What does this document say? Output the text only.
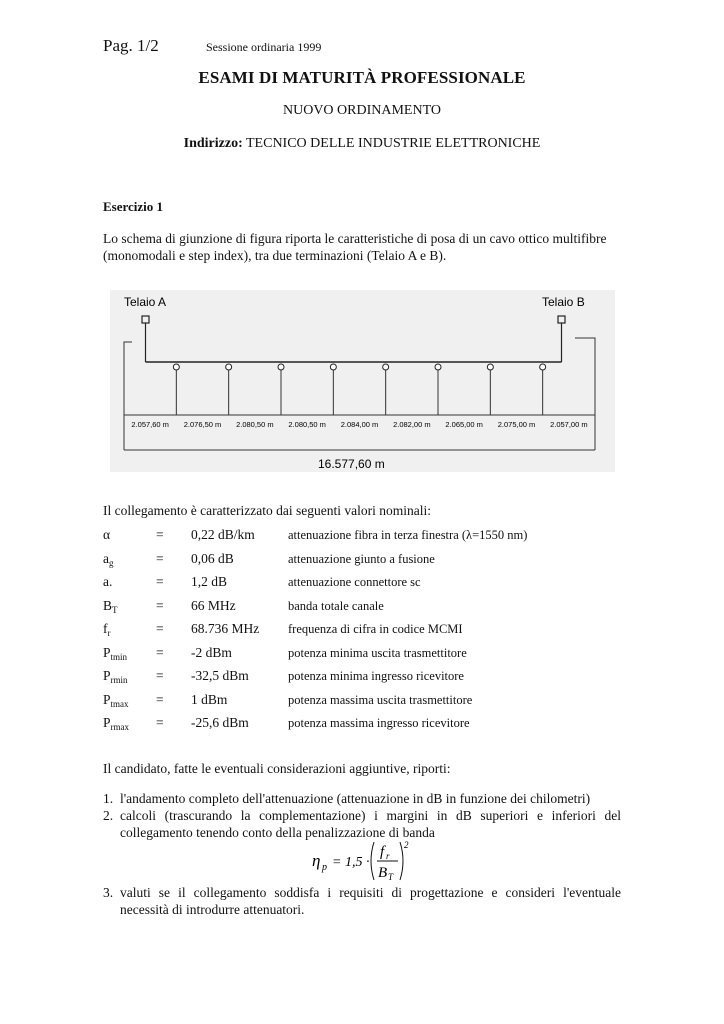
Pag. 1/2	Sessione ordinaria 1999
ESAMI DI MATURITÀ PROFESSIONALE
NUOVO ORDINAMENTO
Indirizzo: TECNICO DELLE INDUSTRIE ELETTRONICHE
Esercizio 1
Lo schema di giunzione di figura riporta le caratteristiche di posa di un cavo ottico multifibre (monomodali e step index), tra due terminazioni (Telaio A e B).
Telaio A	Telaio B
2.057,60 m 2.076,50 m 2.080,50 m 2.080,50 m 2.084,00 m 2.082,00 m 2.065,00 m 2.075,00 m 2.057,00 m
16.577,60 m
Il collegamento è caratterizzato dai seguenti valori nominali:
α	= 0,22 dB/km	attenuazione fibra in terza finestra (λ=1550 nm)
$a_g$	= 0,06 dB	attenuazione giunto a fusione
a.	= 1,2 dB	attenuazione connettore sc
$B_T$	= 66 MHz	banda totale canale
$f_r$	= 68.736 MHz frequenza di cifra in codice MCMI
$P_{tmin} = -2$ dBm	potenza minima uscita trasmettitore
$P_{rmin} = -32,5$ dBm	potenza minima ingresso ricevitore
$P_{tmax} = 1$ dBm	potenza massima uscita trasmettitore
$P_{rmax} = -25,6$ dBm	potenza massima ingresso ricevitore
Il candidato, fatte le eventuali considerazioni aggiuntive, riporti:
1. l'andamento completo dell'attenuazione (attenuazione in dB in funzione dei chilometri)
2. calcoli (trascurando la complementazione) i margini in dB superiori e inferiori del collegamento tenendo conto della penalizzazione di banda
η p = 1,5 ·
f r
B T
2
3. valuti se il collegamento soddisfa i requisiti di progettazione e consideri l'eventuale necessità di introdurre attenuatori.
